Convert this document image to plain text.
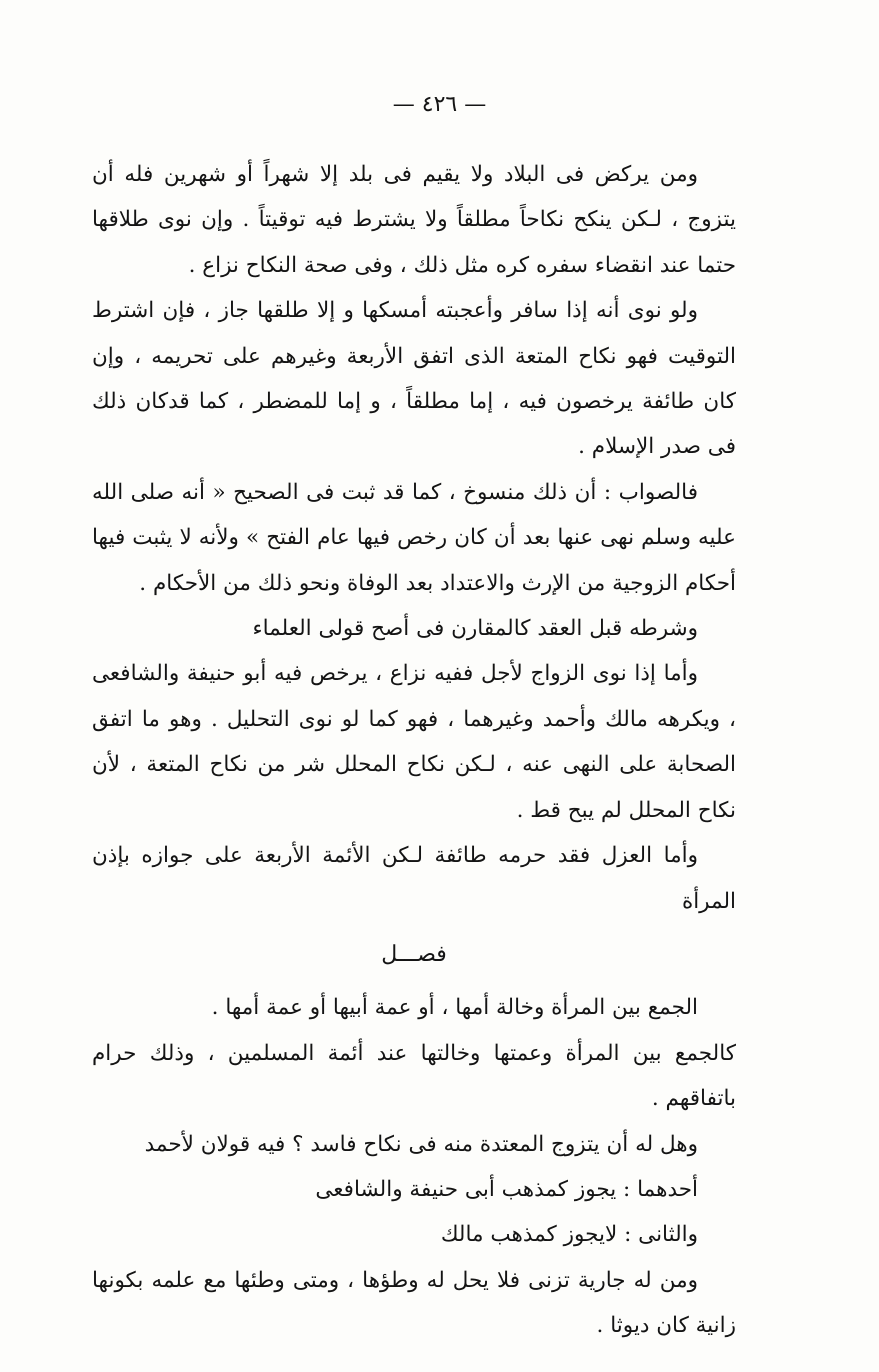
— ٤٢٦ —

ومن يركض فى البلاد ولا يقيم فى بلد إلا شهراً أو شهرين فله أن يتزوج ، لـكن ينكح نكاحاً مطلقاً ولا يشترط فيه توقيتاً . وإن نوى طلاقها حتما عند انقضاء سفره كره مثل ذلك ، وفى صحة النكاح نزاع .

ولو نوى أنه إذا سافر وأعجبته أمسكها و إلا طلقها جاز ، فإن اشترط التوقيت فهو نكاح المتعة الذى اتفق الأربعة وغيرهم على تحريمه ، وإن كان طائفة يرخصون فيه ، إما مطلقاً ، و إما للمضطر ، كما قدكان ذلك فى صدر الإسلام .

فالصواب : أن ذلك منسوخ ، كما قد ثبت فى الصحيح « أنه صلى الله عليه وسلم نهى عنها بعد أن كان رخص فيها عام الفتح » ولأنه لا يثبت فيها أحكام الزوجية من الإرث والاعتداد بعد الوفاة ونحو ذلك من الأحكام .

وشرطه قبل العقد كالمقارن فى أصح قولى العلماء

وأما إذا نوى الزواج لأجل ففيه نزاع ، يرخص فيه أبو حنيفة والشافعى ، ويكرهه مالك وأحمد وغيرهما ، فهو كما لو نوى التحليل . وهو ما اتفق الصحابة على النهى عنه ، لـكن نكاح المحلل شر من نكاح المتعة ، لأن نكاح المحلل لم يبح قط .

وأما العزل فقد حرمه طائفة لـكن الأئمة الأربعة على جوازه بإذن المرأة

فصـــل

الجمع بين المرأة وخالة أمها ، أو عمة أبيها أو عمة أمها .

كالجمع بين المرأة وعمتها وخالتها عند أئمة المسلمين ، وذلك حرام باتفاقهم .

وهل له أن يتزوج المعتدة منه فى نكاح فاسد ؟ فيه قولان لأحمد

أحدهما : يجوز كمذهب أبى حنيفة والشافعى

والثانى : لايجوز كمذهب مالك

ومن له جارية تزنى فلا يحل له وطؤها ، ومتى وطئها مع علمه بكونها زانية كان ديوثا .
